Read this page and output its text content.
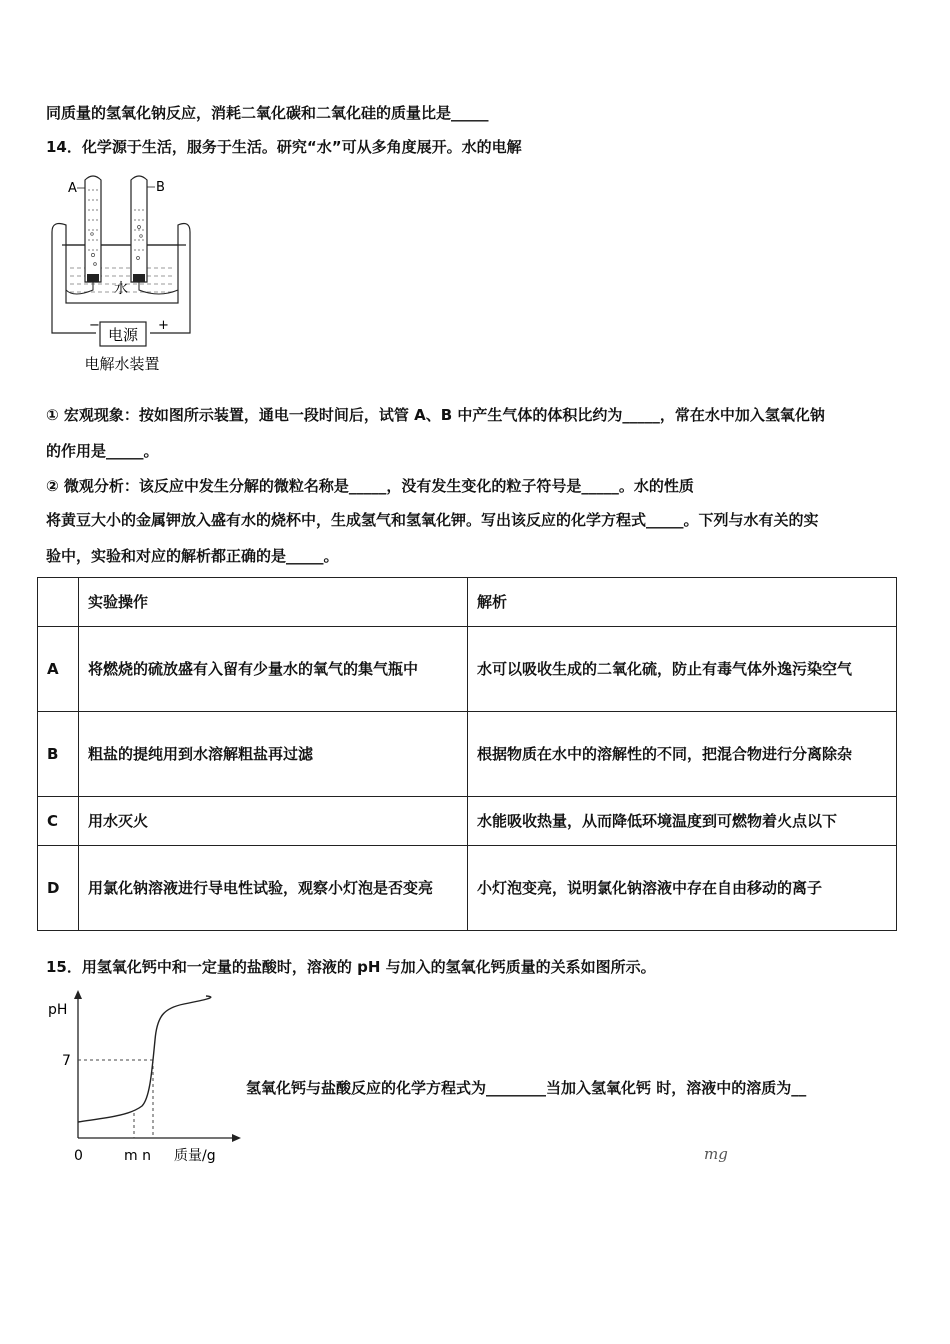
同质量的氢氧化钠反应，消耗二氧化碳和二氧化硅的质量比是_____
14．化学源于生活，服务于生活。研究“水”可从多角度展开。水的电解
电源
−	+
A	B
水
电解水装置
① 宏观现象：按如图所示装置，通电一段时间后，试管 A、B 中产生气体的体积比约为_____，常在水中加入氢氧化钠
的作用是_____。
② 微观分析：该反应中发生分解的微粒名称是_____，没有发生变化的粒子符号是_____。水的性质
将黄豆大小的金属钾放入盛有水的烧杯中，生成氢气和氢氧化钾。写出该反应的化学方程式_____。下列与水有关的实
验中，实验和对应的解析都正确的是_____。
	实验操作	解析
A	将燃烧的硫放盛有入留有少量水的氧气的集气瓶中	水可以吸收生成的二氧化硫，防止有毒气体外逸污染空气
B	粗盐的提纯用到水溶解粗盐再过滤	根据物质在水中的溶解性的不同，把混合物进行分离除杂
C	用水灭火	水能吸收热量，从而降低环境温度到可燃物着火点以下
D	用氯化钠溶液进行导电性试验，观察小灯泡是否变亮	小灯泡变亮，说明氯化钠溶液中存在自由移动的离子
15．用氢氧化钙中和一定量的盐酸时，溶液的 pH 与加入的氢氧化钙质量的关系如图所示。
pH
7
0	m n 质量/g
氢氧化钙与盐酸反应的化学方程式为________当加入氢氧化钙 时，溶液中的溶质为__
mg
